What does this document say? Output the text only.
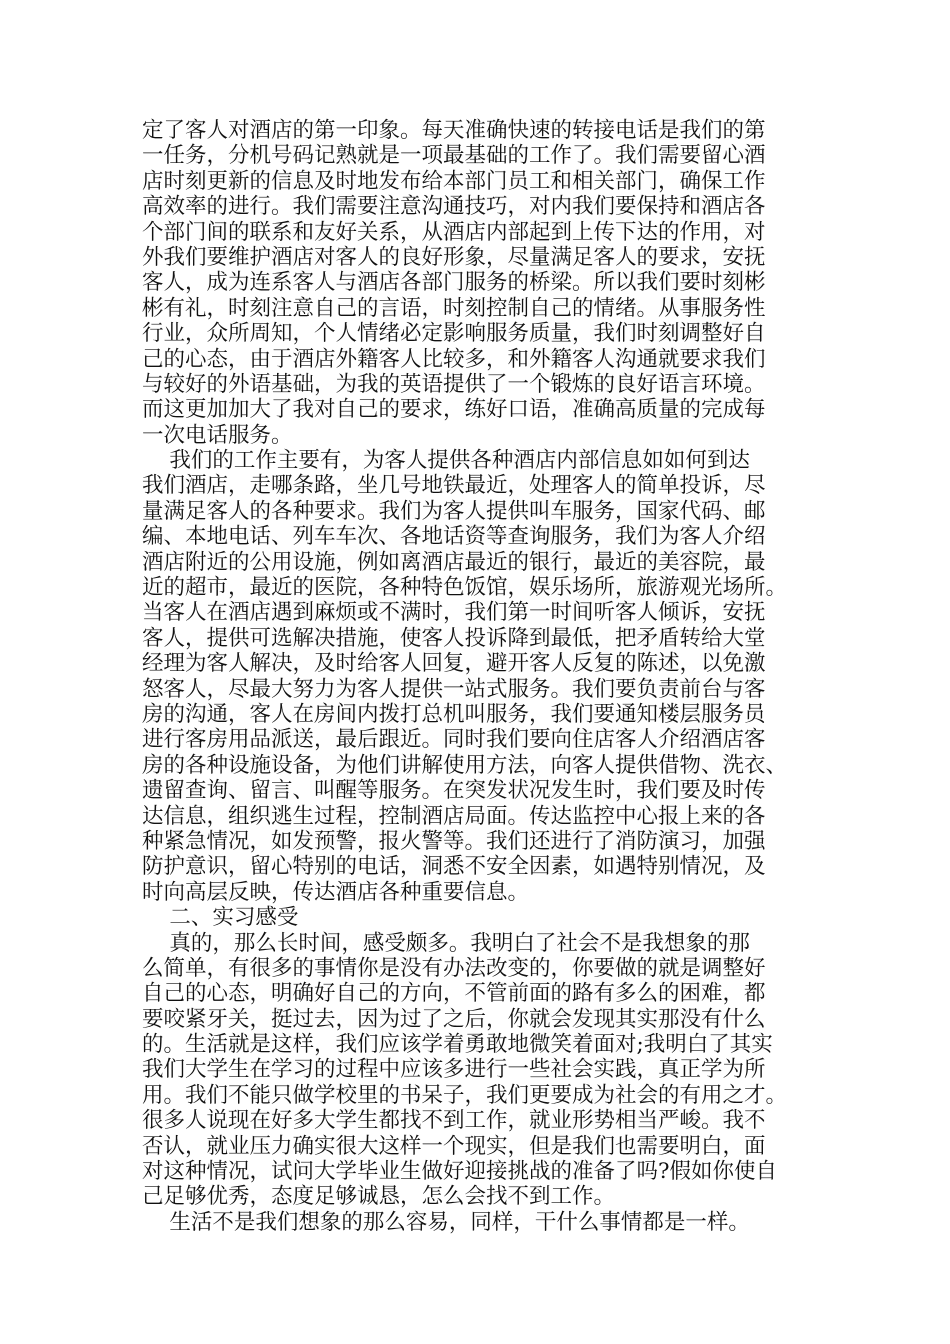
定了客人对酒店的第一印象。每天准确快速的转接电话是我们的第
一任务，分机号码记熟就是一项最基础的工作了。我们需要留心酒
店时刻更新的信息及时地发布给本部门员工和相关部门，确保工作
高效率的进行。我们需要注意沟通技巧，对内我们要保持和酒店各
个部门间的联系和友好关系，从酒店内部起到上传下达的作用，对
外我们要维护酒店对客人的良好形象，尽量满足客人的要求，安抚
客人，成为连系客人与酒店各部门服务的桥梁。所以我们要时刻彬
彬有礼，时刻注意自己的言语，时刻控制自己的情绪。从事服务性
行业，众所周知，个人情绪必定影响服务质量，我们时刻调整好自
己的心态，由于酒店外籍客人比较多，和外籍客人沟通就要求我们
与较好的外语基础，为我的英语提供了一个锻炼的良好语言环境。
而这更加加大了我对自己的要求，练好口语，准确高质量的完成每
一次电话服务。
我们的工作主要有，为客人提供各种酒店内部信息如如何到达
我们酒店，走哪条路，坐几号地铁最近，处理客人的简单投诉，尽
量满足客人的各种要求。我们为客人提供叫车服务，国家代码、邮
编、本地电话、列车车次、各地话资等查询服务，我们为客人介绍
酒店附近的公用设施，例如离酒店最近的银行，最近的美容院，最
近的超市，最近的医院，各种特色饭馆，娱乐场所，旅游观光场所。
当客人在酒店遇到麻烦或不满时，我们第一时间听客人倾诉，安抚
客人，提供可选解决措施，使客人投诉降到最低，把矛盾转给大堂
经理为客人解决，及时给客人回复，避开客人反复的陈述，以免激
怒客人，尽最大努力为客人提供一站式服务。我们要负责前台与客
房的沟通，客人在房间内拨打总机叫服务，我们要通知楼层服务员
进行客房用品派送，最后跟近。同时我们要向住店客人介绍酒店客
房的各种设施设备，为他们讲解使用方法，向客人提供借物、洗衣、
遗留查询、留言、叫醒等服务。在突发状况发生时，我们要及时传
达信息，组织逃生过程，控制酒店局面。传达监控中心报上来的各
种紧急情况，如发预警，报火警等。我们还进行了消防演习，加强
防护意识，留心特别的电话，洞悉不安全因素，如遇特别情况，及
时向高层反映，传达酒店各种重要信息。
二、实习感受
真的，那么长时间，感受颇多。我明白了社会不是我想象的那
么简单，有很多的事情你是没有办法改变的，你要做的就是调整好
自己的心态，明确好自己的方向，不管前面的路有多么的困难，都
要咬紧牙关，挺过去，因为过了之后，你就会发现其实那没有什么
的。生活就是这样，我们应该学着勇敢地微笑着面对;我明白了其实
我们大学生在学习的过程中应该多进行一些社会实践，真正学为所
用。我们不能只做学校里的书呆子，我们更要成为社会的有用之才。
很多人说现在好多大学生都找不到工作，就业形势相当严峻。我不
否认，就业压力确实很大这样一个现实，但是我们也需要明白，面
对这种情况，试问大学毕业生做好迎接挑战的准备了吗?假如你使自
己足够优秀，态度足够诚恳，怎么会找不到工作。
生活不是我们想象的那么容易，同样，干什么事情都是一样。
